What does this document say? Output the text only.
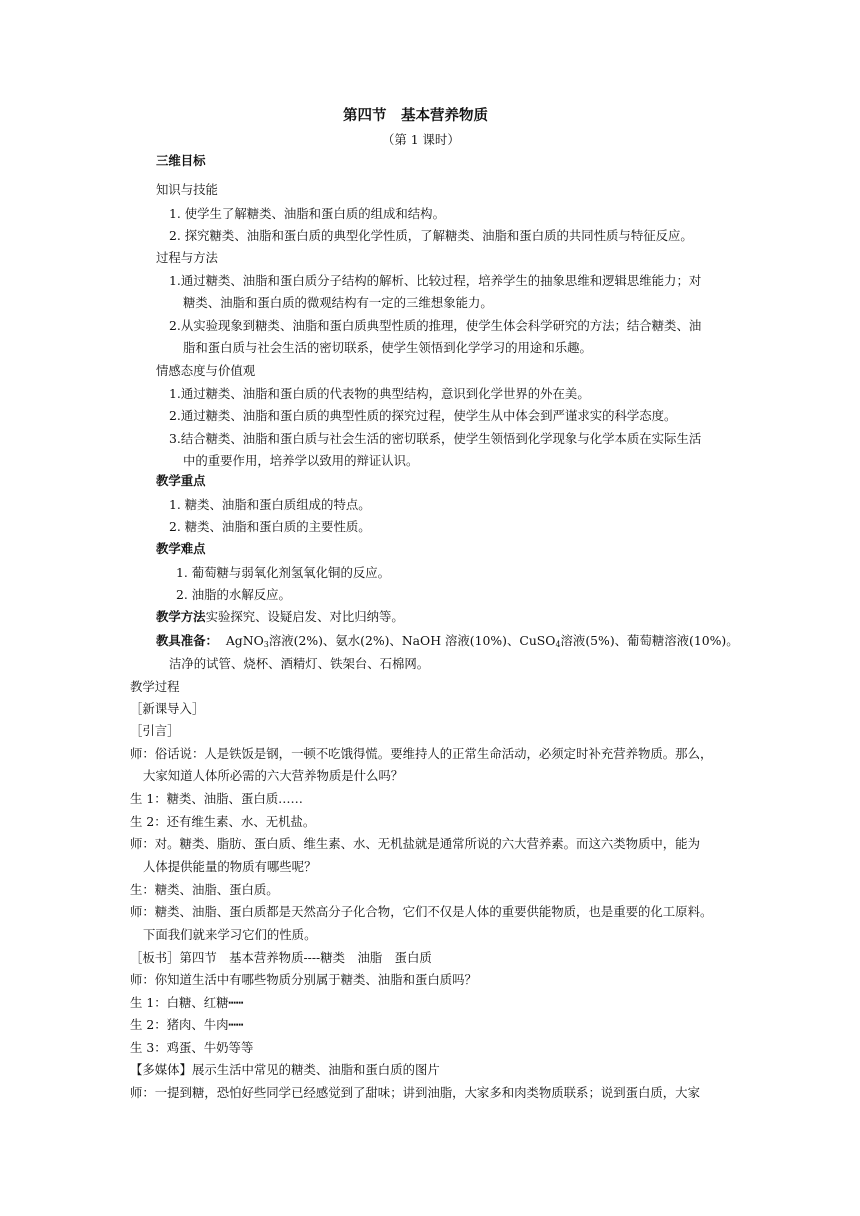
第四节　基本营养物质
（第 1 课时）
三维目标
知识与技能
1. 使学生了解糖类、油脂和蛋白质的组成和结构。
2. 探究糖类、油脂和蛋白质的典型化学性质，了解糖类、油脂和蛋白质的共同性质与特征反应。
过程与方法
1.通过糖类、油脂和蛋白质分子结构的解析、比较过程，培养学生的抽象思维和逻辑思维能力；对
糖类、油脂和蛋白质的微观结构有一定的三维想象能力。
2.从实验现象到糖类、油脂和蛋白质典型性质的推理，使学生体会科学研究的方法；结合糖类、油
脂和蛋白质与社会生活的密切联系，使学生领悟到化学学习的用途和乐趣。
情感态度与价值观
1.通过糖类、油脂和蛋白质的代表物的典型结构，意识到化学世界的外在美。
2.通过糖类、油脂和蛋白质的典型性质的探究过程，使学生从中体会到严谨求实的科学态度。
3.结合糖类、油脂和蛋白质与社会生活的密切联系，使学生领悟到化学现象与化学本质在实际生活
中的重要作用，培养学以致用的辩证认识。
教学重点
1. 糖类、油脂和蛋白质组成的特点。
2. 糖类、油脂和蛋白质的主要性质。
教学难点
1. 葡萄糖与弱氧化剂氢氧化铜的反应。
2. 油脂的水解反应。
教学方法实验探究、设疑启发、对比归纳等。
教具准备： AgNO$_3$溶液(2%)、氨水(2%)、NaOH 溶液(10%)、CuSO$_4$溶液(5%)、葡萄糖溶液(10%)。
洁净的试管、烧杯、酒精灯、铁架台、石棉网。
教学过程
［新课导入］
［引言］
师：俗话说：人是铁饭是钢，一顿不吃饿得慌。要维持人的正常生命活动，必须定时补充营养物质。那么，
大家知道人体所必需的六大营养物质是什么吗？
生 1：糖类、油脂、蛋白质……
生 2：还有维生素、水、无机盐。
师：对。糖类、脂肪、蛋白质、维生素、水、无机盐就是通常所说的六大营养素。而这六类物质中，能为
人体提供能量的物质有哪些呢？
生：糖类、油脂、蛋白质。
师：糖类、油脂、蛋白质都是天然高分子化合物，它们不仅是人体的重要供能物质，也是重要的化工原料。
下面我们就来学习它们的性质。
［板书］第四节　基本营养物质----糖类　油脂　蛋白质
师：你知道生活中有哪些物质分别属于糖类、油脂和蛋白质吗？
生 1：白糖、红糖┅┅
生 2：猪肉、牛肉┅┅
生 3：鸡蛋、牛奶等等
【多媒体】展示生活中常见的糖类、油脂和蛋白质的图片
师：一提到糖，恐怕好些同学已经感觉到了甜味；讲到油脂，大家多和肉类物质联系；说到蛋白质，大家
